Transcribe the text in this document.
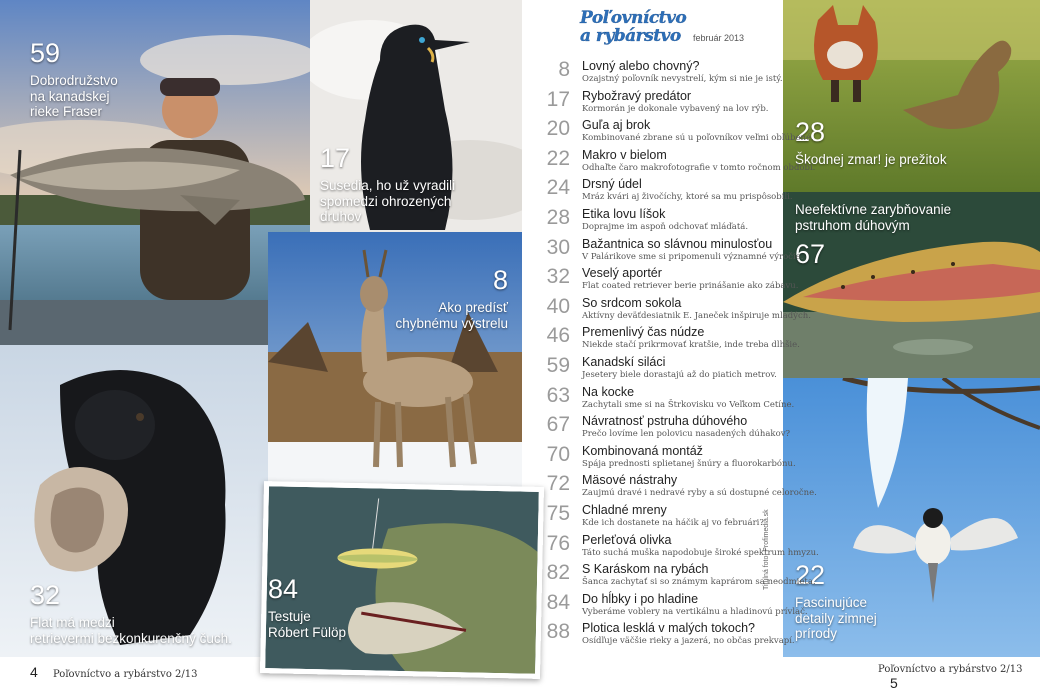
59
Dobrodružstvo
na kanadskej
rieke Fraser
17
Susedia, ho už vyradili
spomedzi ohrozených
druhov
8
Ako predísť
chybnému výstrelu
32
Flat má medzi
retrievermi bezkonkurenčný čuch.
84
Testuje
Róbert Fülöp
28
Škodnej zmar! je prežitok
Neefektívne zarybňovanie
pstruhom dúhovým
67
22
Fascinujúce
detaily zimnej
prírody
Titulná foto: Profimedia.sk
Poľovníctvo
a rybárstvo február 2013
8 Lovný alebo chovný?
Ozajstný poľovník nevystrelí, kým si nie je istý.
17 Rybožravý predátor
Kormorán je dokonale vybavený na lov rýb.
20 Guľa aj brok
Kombinované zbrane sú u poľovníkov veľmi obľúbené.
22 Makro v bielom
Odhaľte čaro makrofotografie v tomto ročnom období.
24 Drsný údel
Mráz kvári aj živočíchy, ktoré sa mu prispôsobili.
28 Etika lovu líšok
Doprajme im aspoň odchovať mláďatá.
30 Bažantnica so slávnou minulosťou
V Palárikove sme si pripomenuli významné výročie.
32 Veselý aportér
Flat coated retriever berie prinášanie ako zábavu.
40 So srdcom sokola
Aktívny deväťdesiatnik E. Janeček inšpiruje mladých.
46 Premenlivý čas núdze
Niekde stačí prikrmovať kratšie, inde treba dlhšie.
59 Kanadskí siláci
Jesetery biele dorastajú až do piatich metrov.
63 Na kocke
Zachytali sme si na Štrkovisku vo Veľkom Cetíne.
67 Návratnosť pstruha dúhového
Prečo lovíme len polovicu nasadených dúhakov?
70 Kombinovaná montáž
Spája prednosti splietanej šnúry a fluorokarbónu.
72 Mäsové nástrahy
Zaujmú dravé i nedravé ryby a sú dostupné celoročne.
75 Chladné mreny
Kde ich dostanete na háčik aj vo februári?
76 Perleťová olivka
Táto suchá muška napodobuje široké spektrum hmyzu.
82 S Karáskom na rybách
Šanca zachytať si so známym kaprárom sa neodmieta.
84 Do hĺbky i po hladine
Vyberáme voblery na vertikálnu a hladinovú prívlač.
88 Plotica lesklá v malých tokoch?
Osídľuje väčšie rieky a jazerá, no občas prekvapí.
4 Poľovníctvo a rybárstvo 2/13	Poľovníctvo a rybárstvo 2/13 5
